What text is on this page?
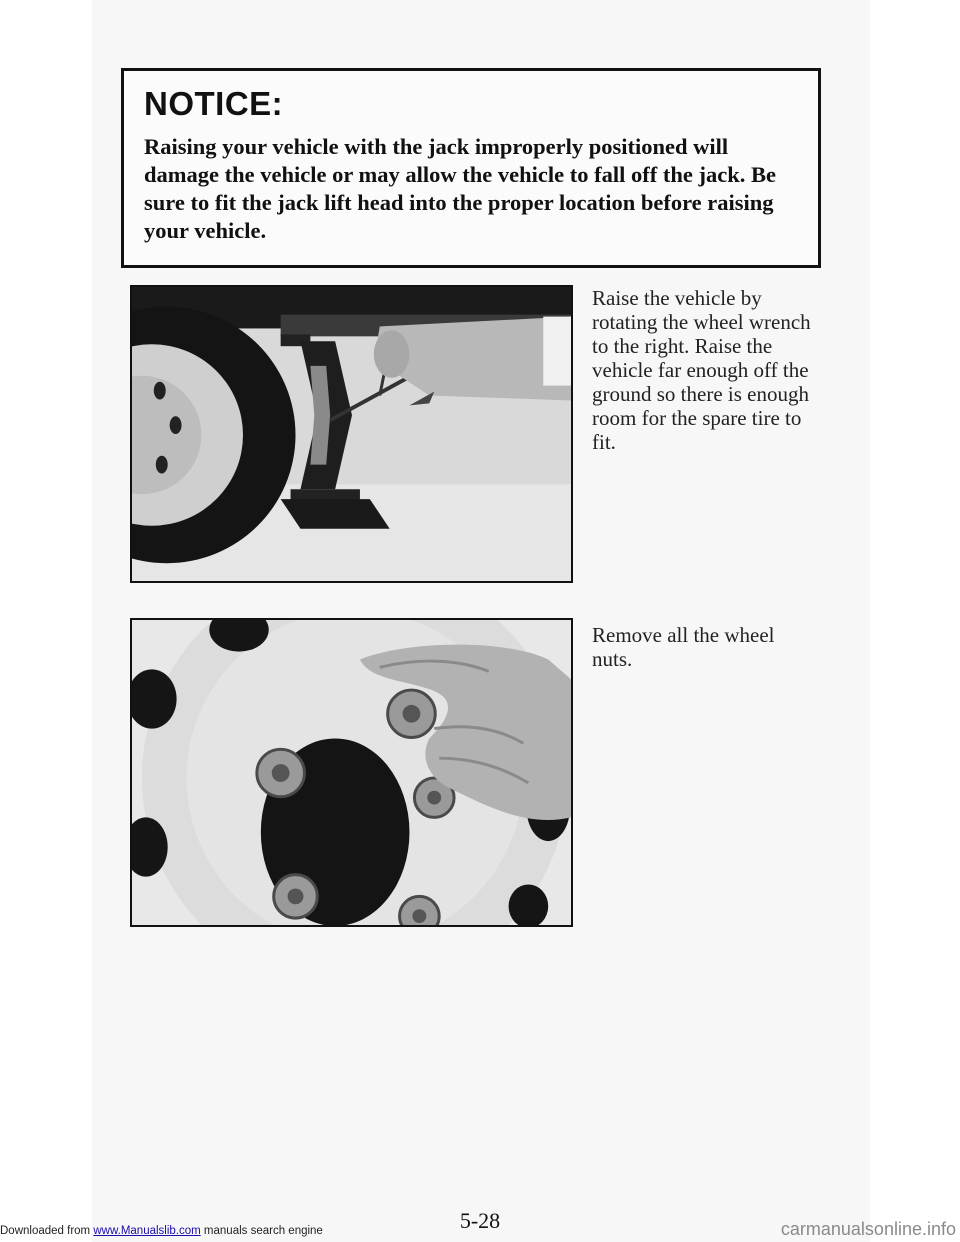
NOTICE:

Raising your vehicle with the jack improperly positioned will damage the vehicle or may allow the vehicle to fall off the jack. Be sure to fit the jack lift head into the proper location before raising your vehicle.

Raise the vehicle by rotating the wheel wrench to the right. Raise the vehicle far enough off the ground so there is enough room for the spare tire to fit.
Remove all the wheel nuts.
5-28
Downloaded from www.Manualslib.com manuals search engine	carmanualsonline.info
